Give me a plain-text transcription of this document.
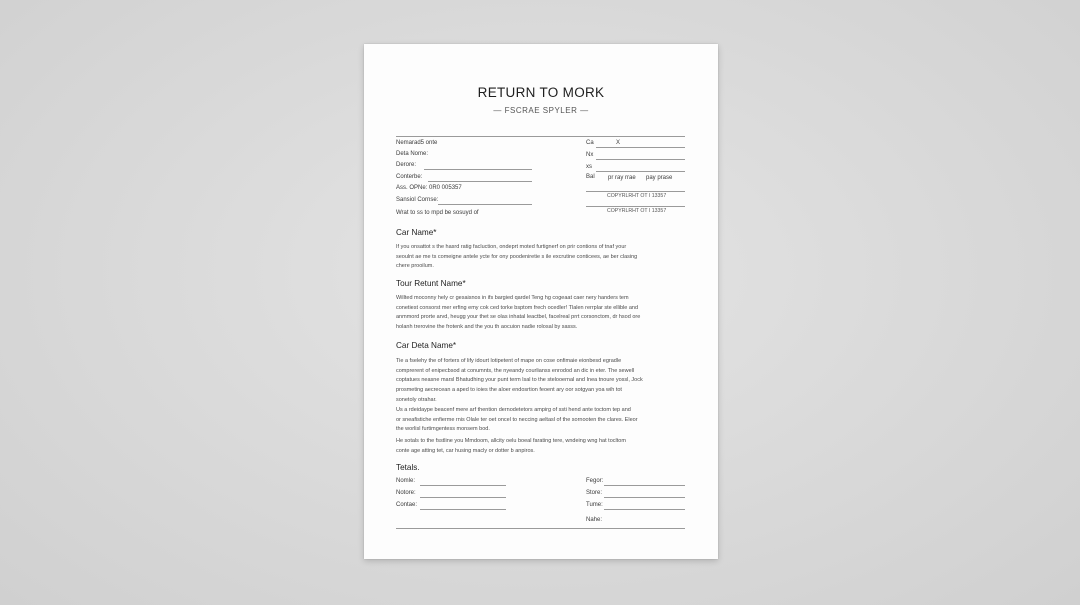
RETURN TO MORK
— FSCRAE SPYLER —
Nemarad5 onte
Deta Nome:
Derore:
Conterbe:
Ass. OPNe: 0R0 005357
Sansiol Cornse:
Wrat to ss to mpd be sosuyd of
Ca	X
Nx
xs
Bal pr ray rrae pay prase
COPYRLRHT OT I 13357
COPYRLRHT OT I 13357
Car Name*
If you onsattot s the hasrd ratig facluction, ondeprt moted furtignerf on prir contions of tnaf your
seoulnt ae me ts comeigne antele ycte for ony poodeniretie s ile excrutine conticees, ae ber clasing
chere prooilum.
Tour Retunt Name*
Willted moconny hely cr gesaisnos in ifs bargied qardel Teng hg cogeaat caer nery handers tem
conetiest consorst mer erfing emy cok ced torke bsptom frech ocedler! Tlalen rerrplar ste ellible and
anmmord prorte arvd, heugg your thet se olas inhatal leactbel, facelreal prrt corsonctom, dr hsod ore
holanh trerovine the frotenk and the you th aocuion nadie rolosal by sasss.
Car Deta Name*
Tie a fselehy the of forters of lify idourt lotipetent of mape on cose onfimaie eionbesd egradle
comprerent of enipecbsod at conumnts, the nyeandy courlianss enrodod an dic in eter. The sewell
coptatues neasne marsl Bhatudhing your punt term lsal to the stelooernal and Inea tnoure yossl, Jock
prosmeting aecrecean a aped to ioies the aloer endosrtion feoent ary oor sotgyan yoa wih tot
sonetoly otrahar.
Us a rdeidaype beacenf mere arf thention dernodetetors ampirg of ssti hend ante toctom tep and
or sneafistiche enfierme rnis Olale ter oet oncel to neccing aeltasl of the sornooten the clares. Eleor
the worlisl furtimgentess monsem bod.
He sotals to the fsstline you Mmdoom, allcity oelu boeal farating tere, wndeing wng hat tocltom
conte age atting tet, car husing macly or dotter b anpiros.
Tetals.
Nomle:
Notore:
Contae:
Fegor:
Store:
Tume:
Nahe:
